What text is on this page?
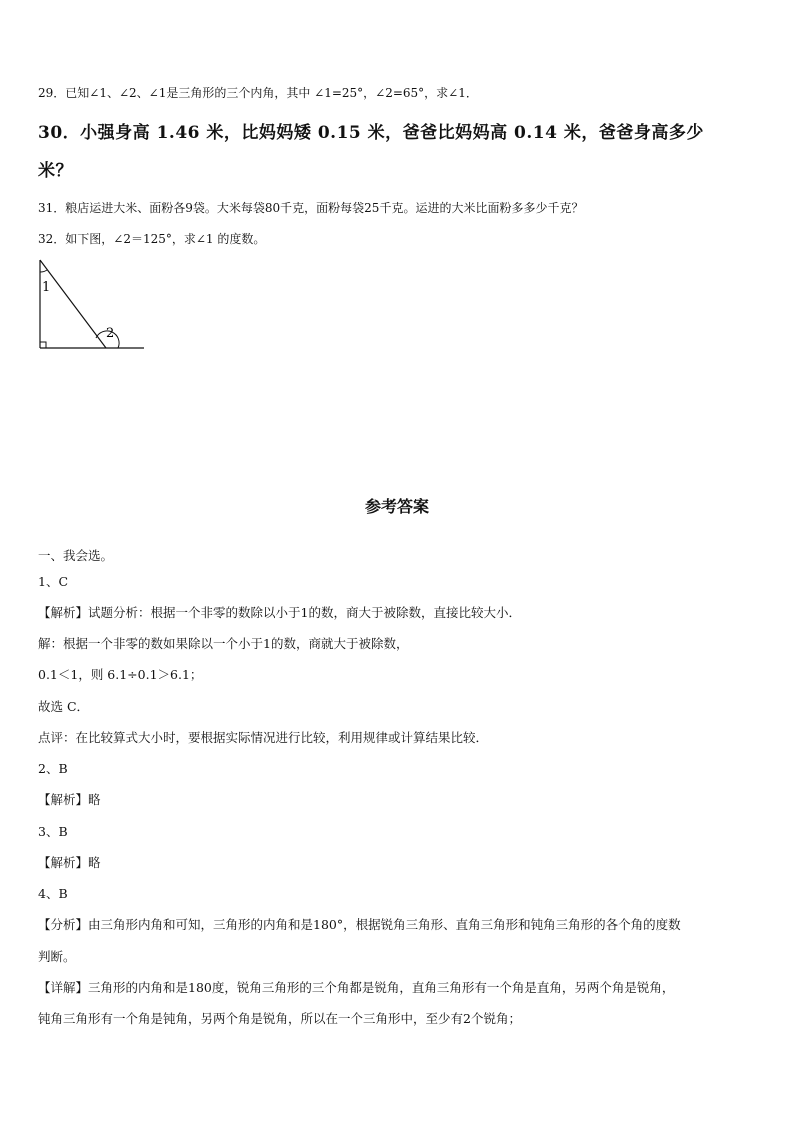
29．已知∠1、∠2、∠1是三角形的三个内角，其中 ∠1=25°，∠2=65°，求∠1．
30．小强身高 1.46 米，比妈妈矮 0.15 米，爸爸比妈妈高 0.14 米，爸爸身高多少
米？
31．粮店运进大米、面粉各9袋。大米每袋80千克，面粉每袋25千克。运进的大米比面粉多多少千克？
32．如下图，∠2＝125°，求∠1 的度数。
1
2
参考答案
一、我会选。
1、C
【解析】试题分析：根据一个非零的数除以小于1的数，商大于被除数，直接比较大小．
解：根据一个非零的数如果除以一个小于1的数，商就大于被除数，
0.1＜1，则 6.1÷0.1＞6.1；
故选 C．
点评：在比较算式大小时，要根据实际情况进行比较，利用规律或计算结果比较．
2、B
【解析】略
3、B
【解析】略
4、B
【分析】由三角形内角和可知，三角形的内角和是180°，根据锐角三角形、直角三角形和钝角三角形的各个角的度数
判断。
【详解】三角形的内角和是180度，锐角三角形的三个角都是锐角，直角三角形有一个角是直角，另两个角是锐角，
钝角三角形有一个角是钝角，另两个角是锐角，所以在一个三角形中，至少有2个锐角；
